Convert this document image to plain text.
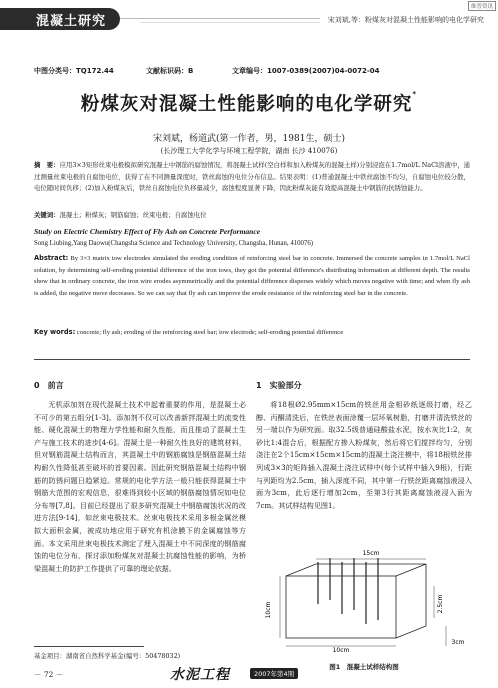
混凝土研究	宋刘斌,等：粉煤灰对混凝土性能影响的电化学研究
维普资讯
中图分类号：TQ172.44	文献标识码：B	文章编号：1007-0389(2007)04-0072-04
粉煤灰对混凝土性能影响的电化学研究*
宋刘斌，杨道武(第一作者，男，1981生，硕士)
(长沙理工大学化学与环境工程学院，湖南 长沙 410076)
摘　要：应用3×3矩形丝束电极模拟研究混凝土中钢筋的腐蚀情况，将混凝土试样(空白样和加入粉煤灰的混凝土样)分别浸泡在1.7mol/L NaCl溶液中，通过测量丝束电极的自腐蚀电位，获得了在不同测量深度时，铁丝腐蚀的电位分布信息。结果表明：(1)普通混凝土中铁丝腐蚀不均匀，自腐蚀电位较分散，电位随时间负移；(2)加入粉煤灰后，铁丝自腐蚀电位负移量减少，腐蚀程度显著下降，因此粉煤灰能有效提高混凝土中钢筋的抗锈蚀能力。
关键词：混凝土；粉煤灰；钢筋腐蚀；丝束电极；自腐蚀电位
Study on Electric Chemistry Effect of Fly Ash on Concrete Performance
Song Liubing,Yang Daowu(Changsha Science and Technology University, Changsha, Hunan, 410076)
Abstract: By 3×3 matrix tow electrodes simulated the eroding condition of reinforcing steel bar in concrete. Immersed the concrete samples in 1.7mol/L NaCl solution, by determining self-eroding potential difference of the iron tows, they got the potential difference's distributing information at different depth. The results show that in ordinary concrete, the iron wire erodes asymmetrically and the potential difference disperses widely which moves negative with time; and when fly ash is added, the negative move decreases. So we can say that fly ash can improve the erode resistance of the reinforcing steel bar in the concrete.
Key words: concrete; fly ash; eroding of the reinforcing steel bar; tow electrode; self-eroding potential difference
0　前言

无机添加剂在现代混凝土技术中起着重要的作用，是混凝土必不可少的第五组分[1-3]。添加剂不仅可以改善新拌混凝土的流变性能、硬化混凝土的物理力学性能和耐久性能，而且推动了混凝土生产与施工技术的进步[4-6]。混凝土是一种耐久性良好的建筑材料，但对钢筋混凝土结构而言，其混凝土中的钢筋腐蚀是钢筋混凝土结构耐久性降低甚至破坏的首要因素。因此研究钢筋混凝土结构中钢筋的防锈问题日趋紧迫。常规的电化学方法一般只能获得混凝土中钢筋大范围的宏观信息，很难得到较小区域的钢筋腐蚀情况如电位分布等[7,8]。目前已经提出了很多研究混凝土中钢筋腐蚀状况的改进方法[9-14]，如丝束电极技术。丝束电极技术采用多根金属丝模拟大面积金属，被成功地应用于研究有机涂膜下的金属腐蚀等方面。本文采用丝束电极技术测定了埋入混凝土中不同深度的钢筋腐蚀的电位分布，探讨添加粉煤灰对混凝土抗腐蚀性能的影响，为桥梁混凝土的防护工作提供了可靠的理论依据。

1　实验部分

将18根Ø2.95mm×15cm的铁丝用金相砂纸逐级打磨，经乙醇、丙酮清洗后，在铁丝表面涂覆一层环氧树脂，打磨并清洗铁丝的另一端以作为研究面。取32.5级普通硅酸盐水泥，按水灰比1:2，灰砂比1:4混合后，根据配方掺入粉煤灰，然后将它们搅拌均匀，分别浇注在2个15cm×15cm×15cm的混凝土浇注模中，将18根铁丝排列成3×3的矩阵插入混凝土浇注试样中(每个试样中插入9根)，行距与列距均为2.5cm，插入深度不同，其中第一行铁丝距离腐蚀液浸入面为3cm，此后逐行增加2cm，至第3行其距离腐蚀液浸入面为7cm。其试样结构见图1。

15cm
10cm
10cm
2.5cm
3cm
图1　混凝土试样结构图
基金项目：湖南省自然科学基金(编号：50478032)
－ 72 －	水泥工程	2007年第4期
